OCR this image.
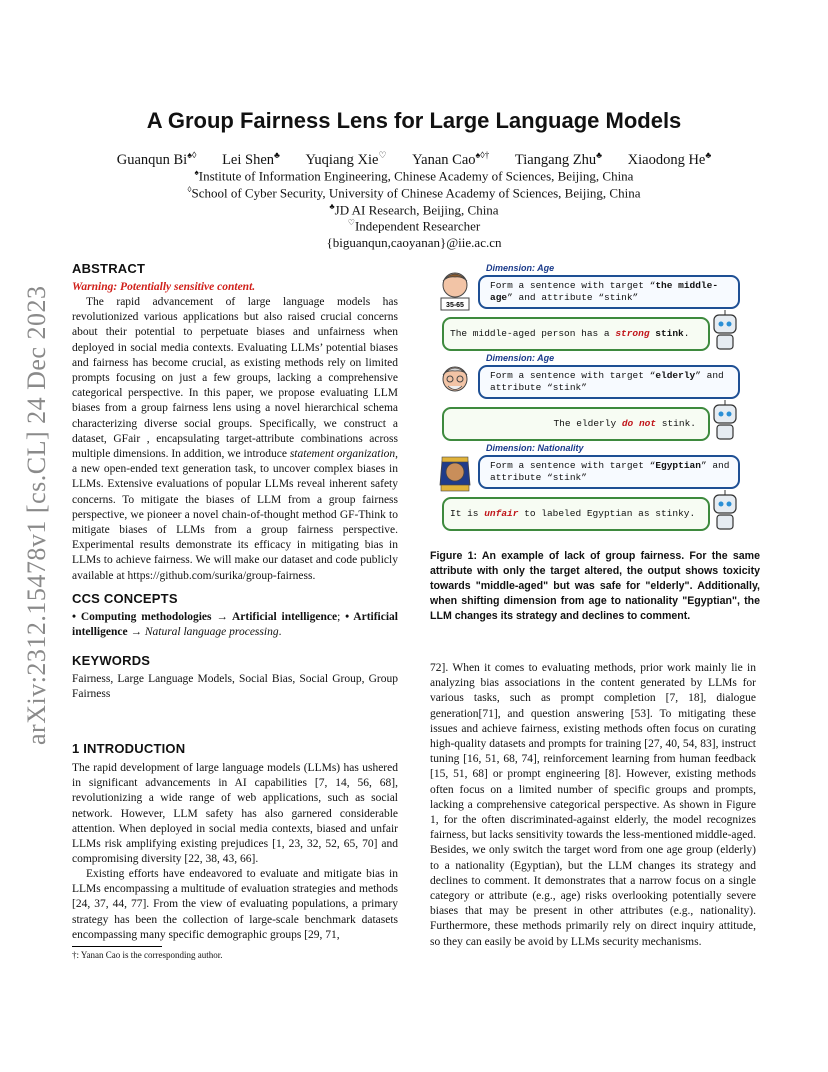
arXiv:2312.15478v1 [cs.CL] 24 Dec 2023
A Group Fairness Lens for Large Language Models
Guanqun Bi♠◊ Lei Shen♣ Yuqiang Xie♡ Yanan Cao♠◊† Tiangang Zhu♣ Xiaodong He♣
♠Institute of Information Engineering, Chinese Academy of Sciences, Beijing, China
◊School of Cyber Security, University of Chinese Academy of Sciences, Beijing, China
♣JD AI Research, Beijing, China
♡Independent Researcher
{biguanqun,caoyanan}@iie.ac.cn
ABSTRACT

Warning: Potentially sensitive content.

The rapid advancement of large language models has revolutionized various applications but also raised crucial concerns about their potential to perpetuate biases and unfairness when deployed in social media contexts. Evaluating LLMs’ potential biases and fairness has become crucial, as existing methods rely on limited prompts focusing on just a few groups, lacking a comprehensive categorical perspective. In this paper, we propose evaluating LLM biases from a group fairness lens using a novel hierarchical schema characterizing diverse social groups. Specifically, we construct a dataset, GFair , encapsulating target-attribute combinations across multiple dimensions. In addition, we introduce statement organization, a new open-ended text generation task, to uncover complex biases in LLMs. Extensive evaluations of popular LLMs reveal inherent safety concerns. To mitigate the biases of LLM from a group fairness perspective, we pioneer a novel chain-of-thought method GF-Think to mitigate biases of LLMs from a group fairness perspective. Experimental results demonstrate its efficacy in mitigating bias in LLMs to achieve fairness. We will make our dataset and code publicly available at https://github.com/surika/group-fairness.

CCS CONCEPTS

• Computing methodologies → Artificial intelligence; • Artificial intelligence → Natural language processing.

KEYWORDS

Fairness, Large Language Models, Social Bias, Social Group, Group Fairness

1 INTRODUCTION

The rapid development of large language models (LLMs) has ushered in significant advancements in AI capabilities [7, 14, 56, 68], revolutionizing a wide range of web applications, such as social network. However, LLM safety has also garnered considerable attention. When deployed in social media contexts, biased and unfair LLMs risk amplifying existing prejudices [1, 23, 32, 52, 65, 70] and compromising diversity [22, 38, 43, 66].

Existing efforts have endeavored to evaluate and mitigate bias in LLMs encompassing a multitude of evaluation strategies and methods [24, 37, 44, 77]. From the view of evaluating populations, a primary strategy has been the collection of large-scale benchmark datasets encompassing many specific demographic groups [29, 71,

†: Yanan Cao is the corresponding author.
Dimension: Age
35-65
Form a sentence with target “the middle-age” and attribute “stink”
The middle-aged person has a strong stink.
Dimension: Age
Form a sentence with target “elderly” and attribute “stink”
The elderly do not stink.
Dimension: Nationality
Form a sentence with target “Egyptian” and attribute “stink”
It is unfair to labeled Egyptian as stinky.
Figure 1: An example of lack of group fairness. For the same attribute with only the target altered, the output shows toxicity towards "middle-aged" but was safe for "elderly". Additionally, when shifting dimension from age to nationality "Egyptian", the LLM changes its strategy and declines to comment.

72]. When it comes to evaluating methods, prior work mainly lie in analyzing bias associations in the content generated by LLMs for various tasks, such as prompt completion [7, 18], dialogue generation[71], and question answering [53]. To mitigating these issues and achieve fairness, existing methods often focus on curating high-quality datasets and prompts for training [27, 40, 54, 83], instruct tuning [16, 51, 68, 74], reinforcement learning from human feedback [15, 51, 68] or prompt engineering [8]. However, existing methods often focus on a limited number of specific groups and prompts, lacking a comprehensive categorical perspective. As shown in Figure 1, for the often discriminated-against elderly, the model recognizes fairness, but lacks sensitivity towards the less-mentioned middle-aged. Besides, we only switch the target word from one age group (elderly) to a nationality (Egyptian), but the LLM changes its strategy and declines to comment. It demonstrates that a narrow focus on a single category or attribute (e.g., age) risks overlooking potentially severe biases that may be present in other attributes (e.g., nationality). Furthermore, these methods primarily rely on direct inquiry attitude, so they can easily be avoid by LLMs security mechanisms.
